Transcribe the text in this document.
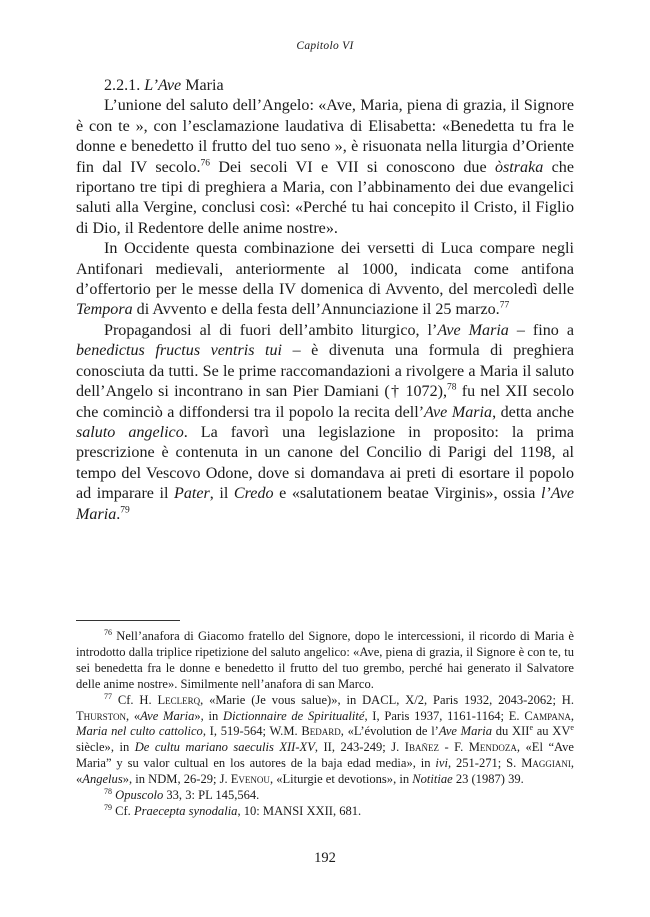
Capitolo VI

2.2.1. L’Ave Maria

L’unione del saluto dell’Angelo: «Ave, Maria, piena di grazia, il Signore è con te », con l’esclamazione laudativa di Elisabetta: «Benedetta tu fra le donne e benedetto il frutto del tuo seno », è risuonata nella liturgia d’Oriente fin dal IV secolo.$^{76}$ Dei secoli VI e VII si conoscono due òstraka che riportano tre tipi di preghiera a Maria, con l’abbinamento dei due evangelici saluti alla Vergine, conclusi così: «Perché tu hai concepito il Cristo, il Figlio di Dio, il Redentore delle anime nostre».

In Occidente questa combinazione dei versetti di Luca compare negli Antifonari medievali, anteriormente al 1000, indicata come antifona d’offertorio per le messe della IV domenica di Avvento, del mercoledì delle Tempora di Avvento e della festa dell’Annunciazione il 25 marzo.$^{77}$

Propagandosi al di fuori dell’ambito liturgico, l’Ave Maria – fino a benedictus fructus ventris tui – è divenuta una formula di preghiera conosciuta da tutti. Se le prime raccomandazioni a rivolgere a Maria il saluto dell’Angelo si incontrano in san Pier Damiani († 1072),$^{78}$ fu nel XII secolo che cominciò a diffondersi tra il popolo la recita dell’Ave Maria, detta anche saluto angelico. La favorì una legislazione in proposito: la prima prescrizione è contenuta in un canone del Concilio di Parigi del 1198, al tempo del Vescovo Odone, dove si domandava ai preti di esortare il popolo ad imparare il Pater, il Credo e «salutationem beatae Virginis», ossia l’Ave Maria.$^{79}$

$^{76}$ Nell’anafora di Giacomo fratello del Signore, dopo le intercessioni, il ricordo di Maria è introdotto dalla triplice ripetizione del saluto angelico: «Ave, piena di grazia, il Signore è con te, tu sei benedetta fra le donne e benedetto il frutto del tuo grembo, perché hai generato il Salvatore delle anime nostre». Similmente nell’anafora di san Marco.

$^{77}$ Cf. H. Leclerq, «Marie (Je vous salue)», in DACL, X/2, Paris 1932, 2043-2062; H. Thurston, «Ave Maria», in Dictionnaire de Spiritualité, I, Paris 1937, 1161-1164; E. Campana, Maria nel culto cattolico, I, 519-564; W.M. Bedard, «L’évolution de l’Ave Maria du XIIe au XVe siècle», in De cultu mariano saeculis XII-XV, II, 243-249; J. Ibañez - F. Mendoza, «El “Ave Maria” y su valor cultual en los autores de la baja edad media», in ivi, 251-271; S. Maggiani, «Angelus», in NDM, 26-29; J. Evenou, «Liturgie et devotions», in Notitiae 23 (1987) 39.

$^{78}$ Opuscolo 33, 3: PL 145,564.

$^{79}$ Cf. Praecepta synodalia, 10: MANSI XXII, 681.

192
